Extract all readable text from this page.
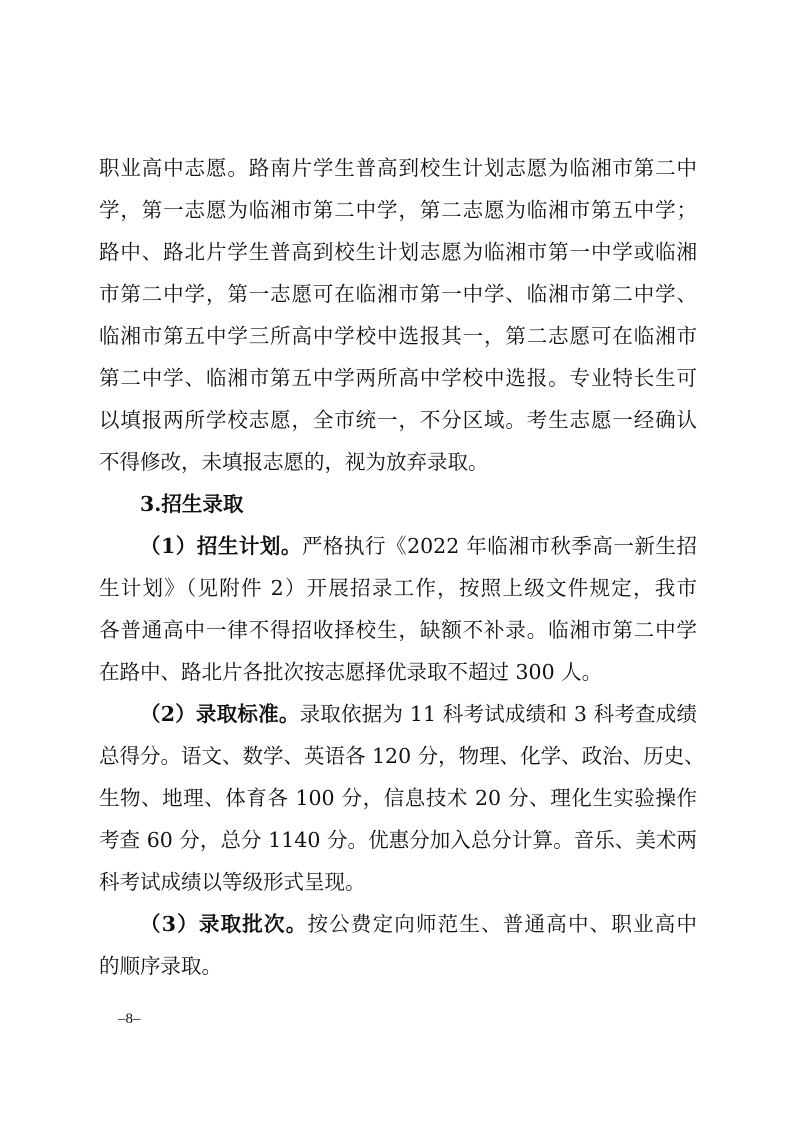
职业高中志愿。路南片学生普高到校生计划志愿为临湘市第二中
学，第一志愿为临湘市第二中学，第二志愿为临湘市第五中学；
路中、路北片学生普高到校生计划志愿为临湘市第一中学或临湘
市第二中学，第一志愿可在临湘市第一中学、临湘市第二中学、
临湘市第五中学三所高中学校中选报其一，第二志愿可在临湘市
第二中学、临湘市第五中学两所高中学校中选报。专业特长生可
以填报两所学校志愿，全市统一，不分区域。考生志愿一经确认
不得修改，未填报志愿的，视为放弃录取。
3.招生录取
（1）招生计划。严格执行《2022 年临湘市秋季高一新生招
生计划》（见附件 2）开展招录工作，按照上级文件规定，我市
各普通高中一律不得招收择校生，缺额不补录。临湘市第二中学
在路中、路北片各批次按志愿择优录取不超过 300 人。
（2）录取标准。录取依据为 11 科考试成绩和 3 科考查成绩
总得分。语文、数学、英语各 120 分，物理、化学、政治、历史、
生物、地理、体育各 100 分，信息技术 20 分、理化生实验操作
考查 60 分，总分 1140 分。优惠分加入总分计算。音乐、美术两
科考试成绩以等级形式呈现。
（3）录取批次。按公费定向师范生、普通高中、职业高中
的顺序录取。
–8–
